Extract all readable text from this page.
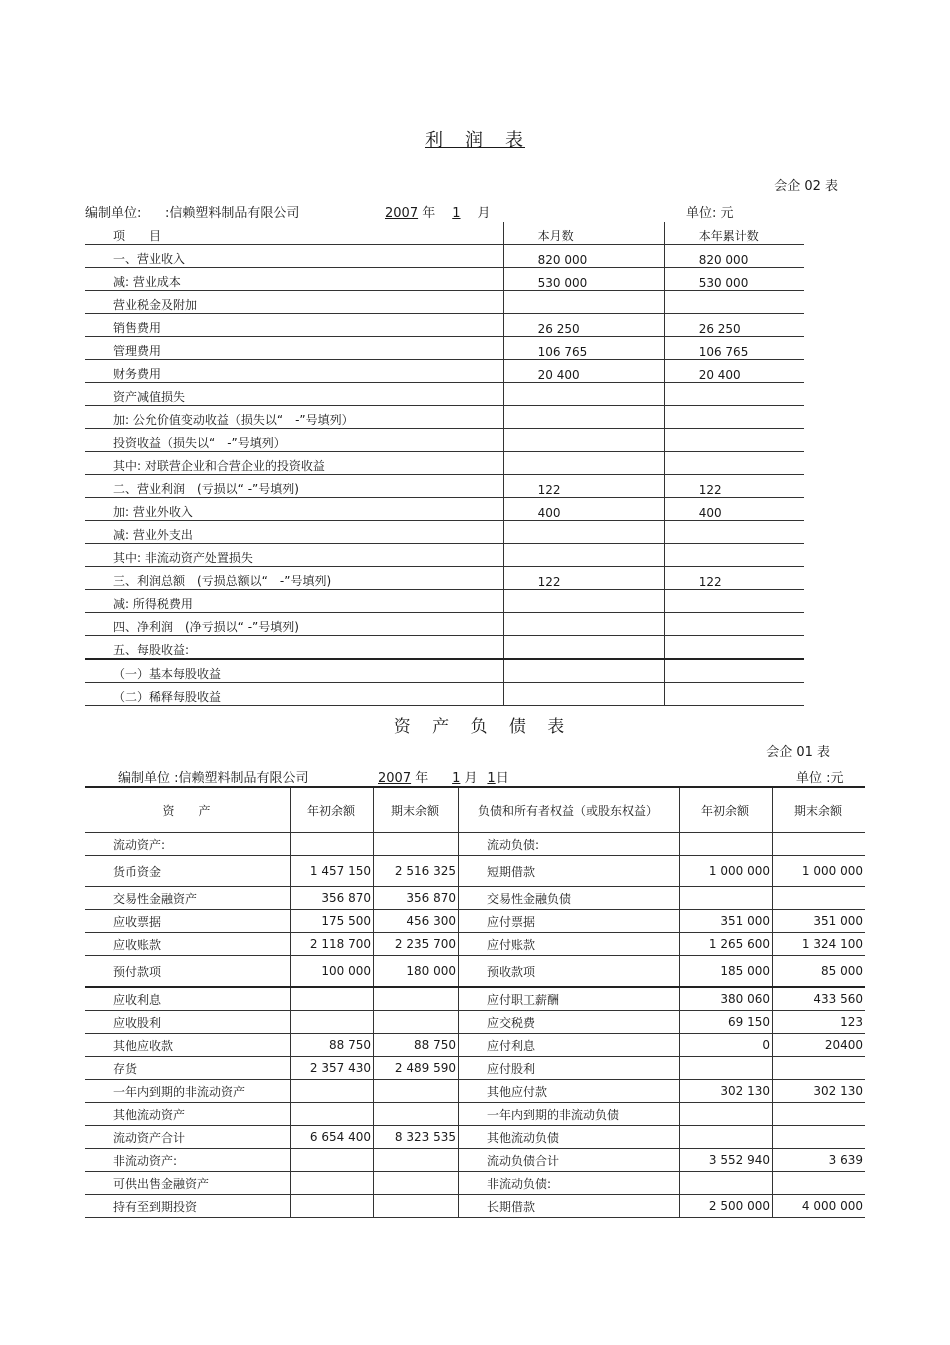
利　润　表
会企 02 表
编制单位: :信赖塑料制品有限公司	2007 年 1 月	单位: 元
项　　目	本月数	本年累计数
一、营业收入	820 000	820 000
减: 营业成本	530 000	530 000
营业税金及附加		
销售费用	26 250	26 250
管理费用	106 765	106 765
财务费用	20 400	20 400
资产减值损失		
加: 公允价值变动收益（损失以“　-”号填列）		
投资收益（损失以“　-”号填列）		
其中: 对联营企业和合营企业的投资收益		
二、营业利润　(亏损以“ -”号填列)	122	122
加: 营业外收入	400	400
减: 营业外支出		
其中: 非流动资产处置损失		
三、利润总额　(亏损总额以“　-”号填列)	122	122
减: 所得税费用		
四、净利润　(净亏损以“ -”号填列)		
五、每股收益:		
（一）基本每股收益		
（二）稀释每股收益		
资 产 负 债 表
会企 01 表
编制单位 :信赖塑料制品有限公司	2007 年 1 月 1日	单位 :元
资　　产	年初余额	期末余额	负债和所有者权益（或股东权益）	年初余额	期末余额
流动资产:			流动负债:		
货币资金	1 457 150	2 516 325	短期借款	1 000 000	1 000 000
交易性金融资产	356 870	356 870	交易性金融负债		
应收票据	175 500	456 300	应付票据	351 000	351 000
应收账款	2 118 700	2 235 700	应付账款	1 265 600	1 324 100
预付款项	100 000	180 000	预收款项	185 000	85 000
应收利息			应付职工薪酬	380 060	433 560
应收股利			应交税费	69 150	123
其他应收款	88 750	88 750	应付利息	0	20400
存货	2 357 430	2 489 590	应付股利		
一年内到期的非流动资产			其他应付款	302 130	302 130
其他流动资产			一年内到期的非流动负债		
流动资产合计	6 654 400	8 323 535	其他流动负债		
非流动资产:			流动负债合计	3 552 940	3 639
可供出售金融资产			非流动负债:		
持有至到期投资			长期借款	2 500 000	4 000 000
